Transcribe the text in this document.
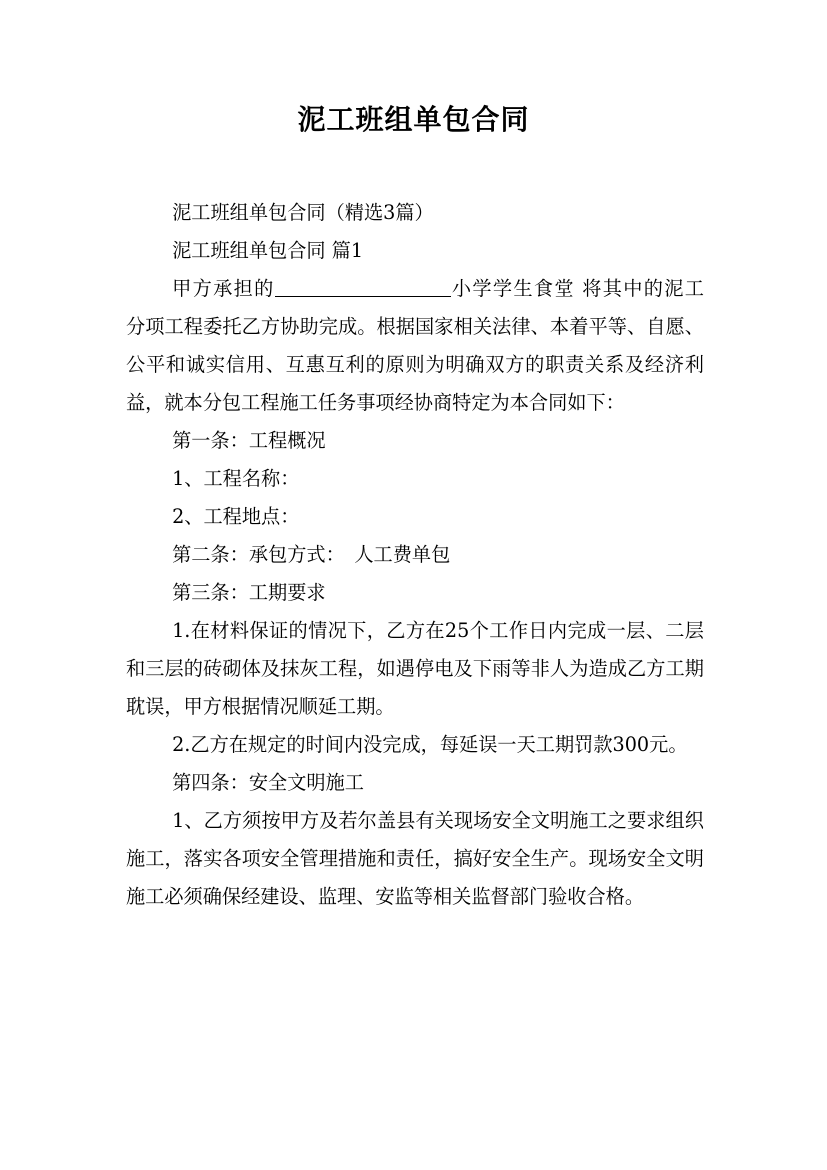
泥工班组单包合同

泥工班组单包合同（精选3篇）

泥工班组单包合同 篇1

甲方承担的	小学学生食堂 将其中的泥工 分项工程委托乙方协助完成。根据国家相关法律、本着平等、自愿、公平和诚实信用、互惠互利的原则为明确双方的职责关系及经济利益，就本分包工程施工任务事项经协商特定为本合同如下：

第一条：工程概况

1、工程名称：

2、工程地点：

第二条：承包方式：　人工费单包

第三条：工期要求

1.在材料保证的情况下，乙方在25个工作日内完成一层、二层和三层的砖砌体及抹灰工程，如遇停电及下雨等非人为造成乙方工期耽误，甲方根据情况顺延工期。

2.乙方在规定的时间内没完成，每延误一天工期罚款300元。

第四条：安全文明施工

1、乙方须按甲方及若尔盖县有关现场安全文明施工之要求组织施工，落实各项安全管理措施和责任，搞好安全生产。现场安全文明施工必须确保经建设、监理、安监等相关监督部门验收合格。
